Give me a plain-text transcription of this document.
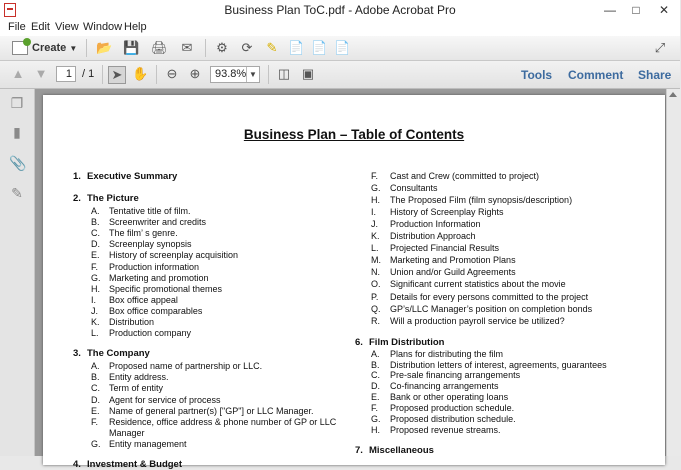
Business Plan ToC.pdf - Adobe Acrobat Pro	—	□	✕
File Edit View Window Help
Create ▼ 📂 💾 🖨 ✉ ⚙ ⟳ ✎ 📄 📄 📄	⤢
▲ ▼	1 / 1 ➤ ✋ ⊖ ⊕	93.8% ▼ ◫ ▣	Tools Comment Share
❐
▮
📎
✎
Business Plan – Table of Contents
1. Executive Summary
2. The Picture
A. Tentative title of film.
B. Screenwriter and credits
C. The film’ s genre.
D. Screenplay synopsis
E. History of screenplay acquisition
F. Production information
G. Marketing and promotion
H. Specific promotional themes
I. Box office appeal
J. Box office comparables
K. Distribution
L. Production company
3. The Company
A. Proposed name of partnership or LLC.
B. Entity address.
C. Term of entity
D. Agent for service of process
E. Name of general partner(s) ["GP"] or LLC Manager.
F. Residence, office address & phone number of GP or LLC
Manager
G. Entity management
4. Investment & Budget
F. Cast and Crew (committed to project)
G. Consultants
H. The Proposed Film (film synopsis/description)
I. History of Screenplay Rights
J. Production Information
K. Distribution Approach
L. Projected Financial Results
M. Marketing and Promotion Plans
N. Union and/or Guild Agreements
O. Significant current statistics about the movie
P. Details for every persons committed to the project
Q. GP’s/LLC Manager’s position on completion bonds
R. Will a production payroll service be utilized?
6. Film Distribution
A. Plans for distributing the film
B. Distribution letters of interest, agreements, guarantees
C. Pre-sale financing arrangements
D. Co-financing arrangements
E. Bank or other operating loans
F. Proposed production schedule.
G. Proposed distribution schedule.
H. Proposed revenue streams.
7. Miscellaneous
